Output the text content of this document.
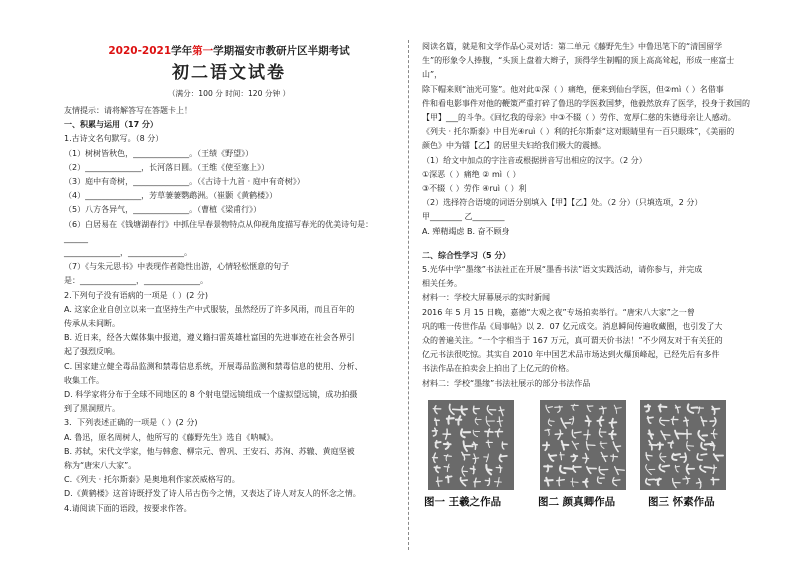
2020-2021学年第一学期福安市教研片区半期考试
初二语文试卷
（满分：100 分 时间：120 分钟 ）

友情提示：请将解答写在答题卡上！

一、积累与运用（17 分）

1.古诗文名句默写。（8 分）

（1）树树皆秋色，______________。（王绩《野望》）

（2）______________，长河落日圆。（王维《使至塞上》）

（3）庭中有奇树，______________。（《古诗十九首 · 庭中有奇树》）

（4）______________，芳草萋萋鹦鹉洲。（崔颢《黄鹤楼》）

（5）八方各异气，______________。（曹植《梁甫行》）

（6）白居易在《钱塘湖春行》中抓住早春景物特点从仰视角度描写春光的优美诗句是：______

______________，______________。

（7）《与朱元思书》中表现作者隐性出游，心情轻松惬意的句子

是：______________，______________。

2.下列句子没有语病的一项是（ ）(2 分)

A. 这家企业自创立以来一直坚持生产中式服装，虽然经历了许多风雨，而且百年的

传承从未间断。

B. 近日来，经各大媒体集中报道，遵义籍扫雷英雄杜富国的先进事迹在社会各界引

起了强烈反响。

C. 国家建立健全毒品监测和禁毒信息系统，开展毒品监测和禁毒信息的使用、分析、

收集工作。

D. 科学家将分布于全球不同地区的 8 个射电望远镜组成一个虚拟望远镜，成功拍摄

到了黑洞照片。

3．下列表述正确的一项是（ ）(2 分)

A. 鲁迅，原名周树人，他所写的《藤野先生》选自《呐喊》。

B. 苏轼，宋代文学家，他与韩愈、柳宗元、曾巩、王安石、苏洵、苏辙、黄庭坚被

称为“唐宋八大家”。

C.《列夫 · 托尔斯泰》是奥地利作家茨威格写的。

D.《黄鹤楼》这首诗既抒发了诗人吊古伤今之情，又表达了诗人对友人的怀念之情。

4.请阅读下面的语段，按要求作答。

阅读名篇，就是和文学作品心灵对话：第二单元《藤野先生》中鲁迅笔下的“清国留学

生”的形象令人捧腹，“头顶上盘着大辫子，顶得学生制帽的顶上高高耸起，形成一座富士山”，

除下帽来则“油光可鉴”。他对此①深（ ）痛绝，便来到仙台学医，但②mì（ ）名借事

件和看电影事件对他的鞭策严重打碎了鲁迅的学医救国梦，他毅然放弃了医学，投身于救国的

【甲】___的斗争。《回忆我的母亲》中③不辍（ ）劳作、宽厚仁慈的朱德母亲让人感动。

《列夫 · 托尔斯泰》中目光④ruì（ ）利的托尔斯泰“这对眼睛里有一百只眼珠”，《美丽的

颜色》中为镭【乙】的居里夫妇给我们极大的震撼。

（1）给文中加点的字注音或根据拼音写出相应的汉字。（2 分）

①深恶（ ）痛绝 ② mì（ ）

③不辍（ ）劳作 ④ruì（ ）利

（2）选择符合语境的词语分别填入【甲】【乙】处。（2 分）（只填选项，2 分）

甲________ 乙________

A. 殚精竭虑 B. 奋不顾身

二、综合性学习（5 分）

5.光华中学“墨缘”书法社正在开展“墨香书法”语文实践活动，请你参与，并完成

相关任务。

材料一：学校大屏幕展示的实时新闻

2016 年 5 月 15 日晚，嘉德“大观之夜”专场拍卖举行。“唐宋八大家”之一曾

巩的唯一传世作品《局事帖》以 2．07 亿元成交。消息瞬间传遍收藏圈，也引发了大

众的普遍关注。“一个字相当于 167 万元，真可谓天价书法！”不少网友对于有关狂的

亿元书法很吃惊。其实自 2010 年中国艺术品市场达到火爆顶峰起，已经先后有多件

书法作品在拍卖会上拍出了上亿元的价格。

材料二：学校“墨缘”书法社展示的部分书法作品

图一 王羲之作品	图二 颜真卿作品	图三 怀素作品
